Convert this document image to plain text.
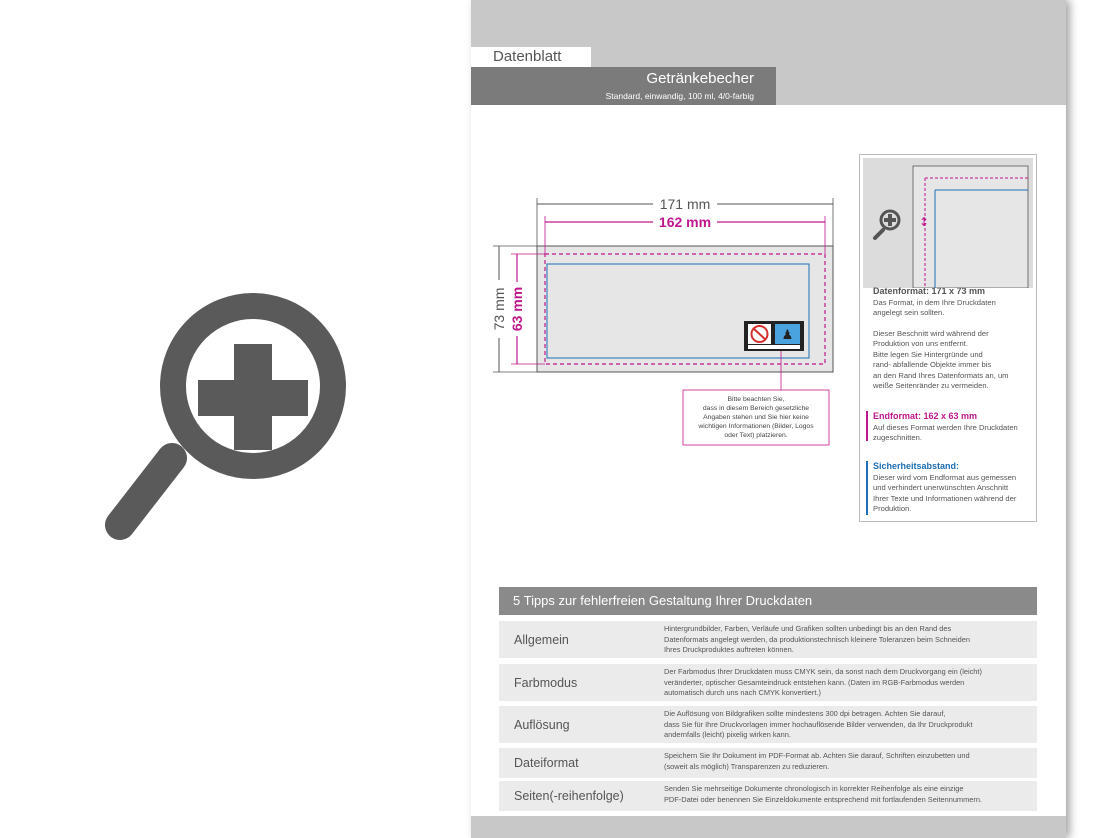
Datenblatt
Getränkebecher
Standard, einwandig, 100 ml, 4/0-farbig
171 mm
162 mm
73 mm 63 mm
♟
Bitte beachten Sie,
dass in diesem Bereich gesetzliche
Angaben stehen und Sie hier keine
wichtigen Informationen (Bilder, Logos
oder Text) platzieren.
↕
Datenformat: 171 x 73 mm
Das Format, in dem Ihre Druckdaten
angelegt sein sollten.
Dieser Beschnitt wird während der
Produktion von uns entfernt.
Bitte legen Sie Hintergründe und
rand- abfallende Objekte immer bis
an den Rand Ihres Datenformats an, um
weiße Seitenränder zu vermeiden.
Endformat: 162 x 63 mm
Auf dieses Format werden Ihre Druckdaten
zugeschnitten.
Sicherheitsabstand:
Dieser wird vom Endformat aus gemessen
und verhindert unerwünschten Anschnitt
Ihrer Texte und Informationen während der
Produktion.
5 Tipps zur fehlerfreien Gestaltung Ihrer Druckdaten
Allgemein
Hintergrundbilder, Farben, Verläufe und Grafiken sollten unbedingt bis an den Rand des
Datenformats angelegt werden, da produktionstechnisch kleinere Toleranzen beim Schneiden
Ihres Druckproduktes auftreten können.
Farbmodus
Der Farbmodus Ihrer Druckdaten muss CMYK sein, da sonst nach dem Druckvorgang ein (leicht)
veränderter, optischer Gesamteindruck entstehen kann. (Daten im RGB-Farbmodus werden
automatisch durch uns nach CMYK konvertiert.)
Auflösung
Die Auflösung von Bildgrafiken sollte mindestens 300 dpi betragen. Achten Sie darauf,
dass Sie für Ihre Druckvorlagen immer hochauflösende Bilder verwenden, da Ihr Druckprodukt
andernfalls (leicht) pixelig wirken kann.
Dateiformat
Speichern Sie Ihr Dokument im PDF-Format ab. Achten Sie darauf, Schriften einzubetten und
(soweit als möglich) Transparenzen zu reduzieren.
Seiten(-reihenfolge)
Senden Sie mehrseitige Dokumente chronologisch in korrekter Reihenfolge als eine einzige
PDF-Datei oder benennen Sie Einzeldokumente entsprechend mit fortlaufenden Seitennummern.
